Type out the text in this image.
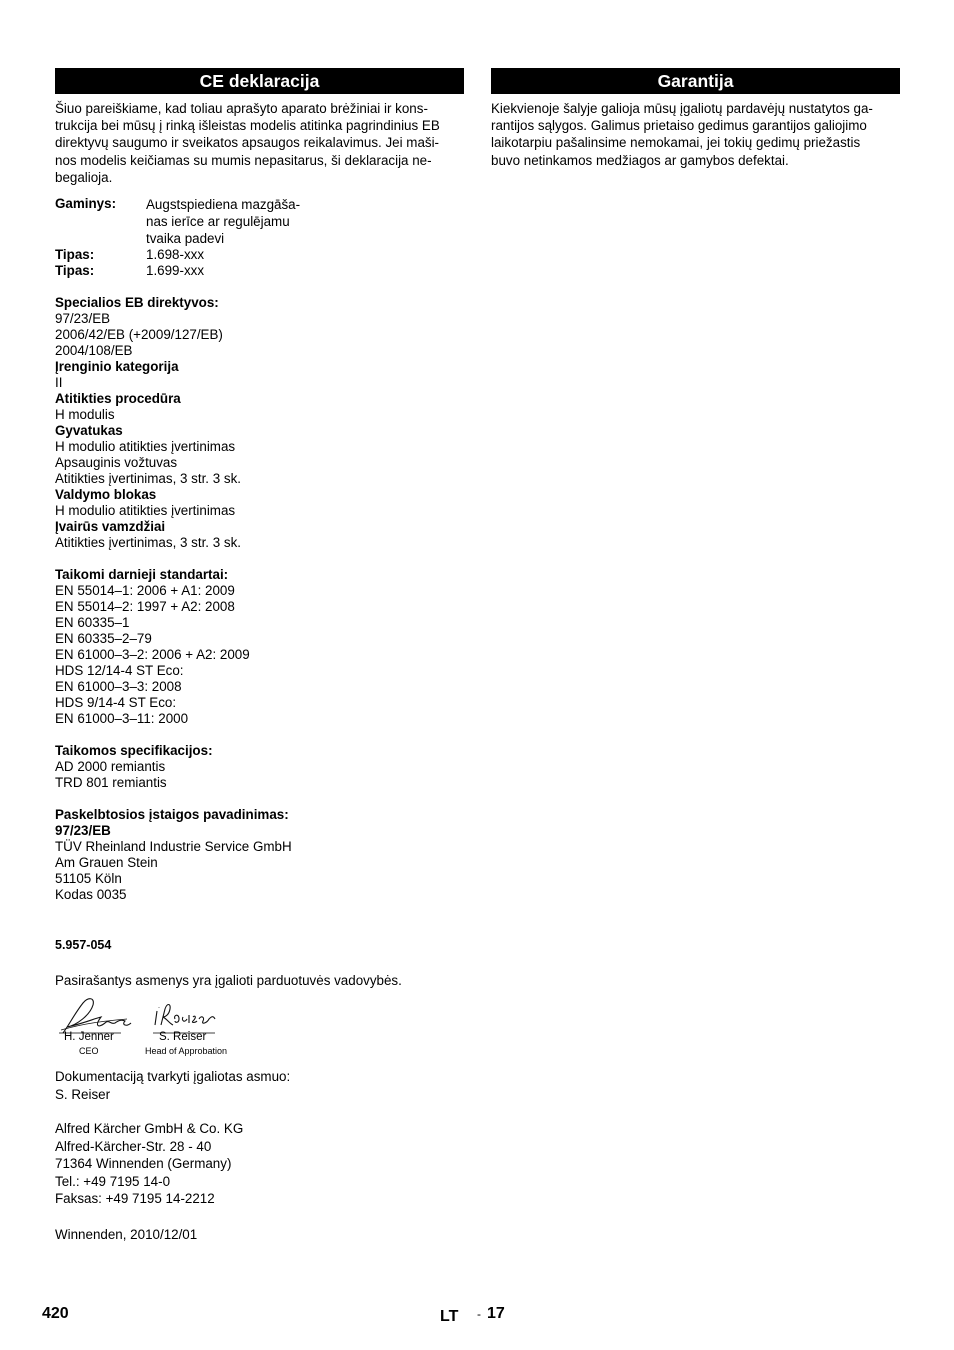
CE deklaracija
Šiuo pareiškiame, kad toliau aprašyto aparato brėžiniai ir kons-
trukcija bei mūsų į rinką išleistas modelis atitinka pagrindinius EB
direktyvų saugumo ir sveikatos apsaugos reikalavimus. Jei maši-
nos modelis keičiamas su mumis nepasitarus, ši deklaracija ne-
begalioja.
Gaminys:	Augstspiediena mazgāša-
nas ierīce ar regulējamu
tvaika padevi
Tipas:	1.698-xxx
Tipas:	1.699-xxx
Specialios EB direktyvos:
97/23/EB
2006/42/EB (+2009/127/EB)
2004/108/EB
Įrenginio kategorija
II
Atitikties procedūra
H modulis
Gyvatukas
H modulio atitikties įvertinimas
Apsauginis vožtuvas
Atitikties įvertinimas, 3 str. 3 sk.
Valdymo blokas
H modulio atitikties įvertinimas
Įvairūs vamzdžiai
Atitikties įvertinimas, 3 str. 3 sk.
Taikomi darnieji standartai:
EN 55014–1: 2006 + A1: 2009
EN 55014–2: 1997 + A2: 2008
EN 60335–1
EN 60335–2–79
EN 61000–3–2: 2006 + A2: 2009
HDS 12/14-4 ST Eco:
EN 61000–3–3: 2008
HDS 9/14-4 ST Eco:
EN 61000–3–11: 2000
Taikomos specifikacijos:
AD 2000 remiantis
TRD 801 remiantis
Paskelbtosios įstaigos pavadinimas:
97/23/EB
TÜV Rheinland Industrie Service GmbH
Am Grauen Stein
51105 Köln
Kodas 0035
5.957-054
Pasirašantys asmenys yra įgalioti parduotuvės vadovybės.
H. Jenner
CEO
S. Reiser
Head of Approbation
Dokumentaciją tvarkyti įgaliotas asmuo:
S. Reiser
Alfred Kärcher GmbH & Co. KG
Alfred-Kärcher-Str. 28 - 40
71364 Winnenden (Germany)
Tel.: +49 7195 14-0
Faksas: +49 7195 14-2212
Winnenden, 2010/12/01
Garantija
Kiekvienoje šalyje galioja mūsų įgaliotų pardavėjų nustatytos ga-
rantijos sąlygos. Galimus prietaiso gedimus garantijos galiojimo
laikotarpiu pašalinsime nemokamai, jei tokių gedimų priežastis
buvo netinkamos medžiagos ar gamybos defektai.
420	LT - 17
